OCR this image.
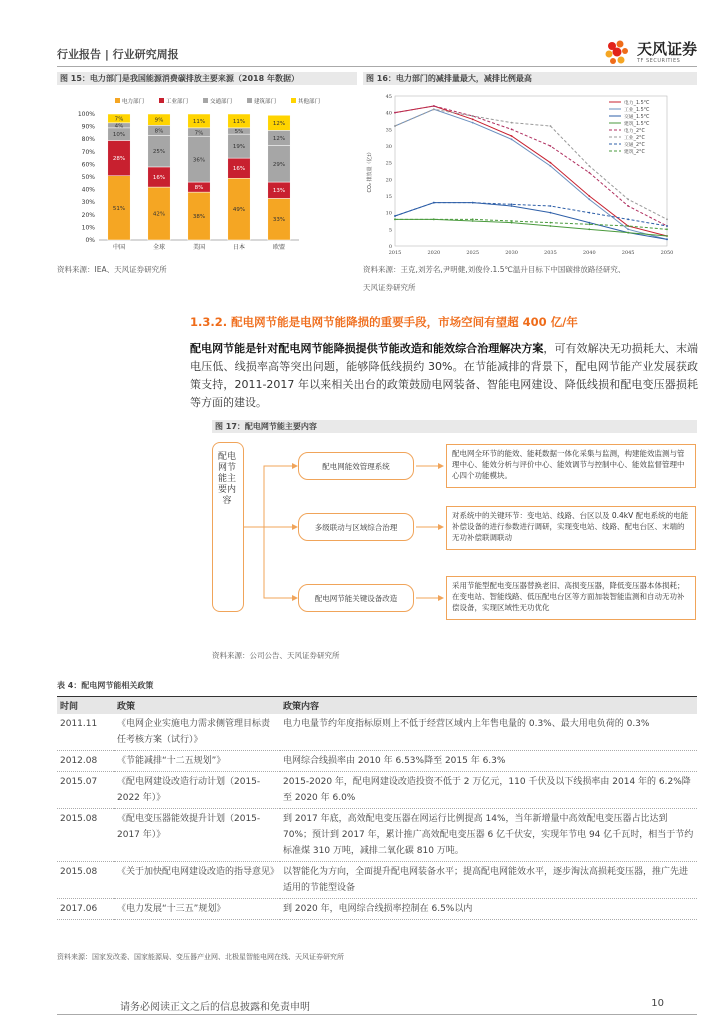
行业报告 | 行业研究周报	天风证券
TF SECURITIES
图 15：电力部门是我国能源消费碳排放主要来源（2018 年数据）
电力部门	工业部门	交通部门	建筑部门	其他部门
0%
10%
20%
30%
40%
50%
60%
70%
80%
90%
100%
51%
28%
10%
4%
7%
中国
42%
16%
25%
8%
9%
全球
38%
8%
36%
7%
11%
美国
49%
16%
19%
5%
11%
日本
33%
13%
29%
12%
12%
欧盟
资料来源：IEA、天风证券研究所
图 16：电力部门的减排量最大，减排比例最高
0
5
10
15
20
25
30
35
40
45
2015	2020	2025	2030	2035	2040	2045	2050
CO₂ 排放量（亿t）
电力_1.5°C
工业_1.5°C
交通_1.5°C
建筑_1.5°C
电力_2°C
工业_2°C
交通_2°C
建筑_2°C
资料来源：王克,刘芳名,尹明健,刘俊伶.1.5℃温升目标下中国碳排放路径研究、
天风证券研究所
1.3.2. 配电网节能是电网节能降损的重要手段，市场空间有望超 400 亿/年
配电网节能是针对配电网节能降损提供节能改造和能效综合治理解决方案，可有效解决无功损耗大、末端电压低、线损率高等突出问题，能够降低线损约 30%。在节能减排的背景下，配电网节能产业发展获政策支持，2011-2017 年以来相关出台的政策鼓励电网装备、智能电网建设、降低线损和配电变压器损耗等方面的建设。
图 17：配电网节能主要内容
配电网节能主要内容
配电网能效管理系统
多级联动与区域综合治理
配电网节能关键设备改造
配电网全环节的能效、能耗数据一体化采集与监测，构建能效监测与管理中心、能效分析与评价中心、能效调节与控制中心、能效监督管理中心四个功能模块。
对系统中的关键环节：变电站、线路、台区以及 0.4kV 配电系统的电能补偿设备的进行参数进行调研，实现变电站、线路、配电台区、末端的无功补偿联调联动
采用节能型配电变压器替换老旧、高损变压器，降低变压器本体损耗；在变电站、智能线路、低压配电台区等方面加装智能监测和自动无功补偿设备，实现区域性无功优化
资料来源：公司公告、天风证券研究所
表 4：配电网节能相关政策
时间	政策	政策内容
2011.11	《电网企业实施电力需求侧管理目标责任考核方案（试行）》	电力电量节约年度指标原则上不低于经营区域内上年售电量的 0.3%、最大用电负荷的 0.3%
2012.08	《节能减排“十二五规划”》	电网综合线损率由 2010 年 6.53%降至 2015 年 6.3%
2015.07	《配电网建设改造行动计划（2015-2022 年）》	2015-2020 年，配电网建设改造投资不低于 2 万亿元，110 千伏及以下线损率由 2014 年的 6.2%降至 2020 年 6.0%
2015.08	《配电变压器能效提升计划（2015-2017 年）》	到 2017 年底，高效配电变压器在网运行比例提高 14%，当年新增量中高效配电变压器占比达到 70%；预计到 2017 年，累计推广高效配电变压器 6 亿千伏安，实现年节电 94 亿千瓦时，相当于节约标准煤 310 万吨，减排二氧化碳 810 万吨。
2015.08	《关于加快配电网建设改造的指导意见》	以智能化为方向，全面提升配电网装备水平；提高配电网能效水平，逐步淘汰高损耗变压器，推广先进适用的节能型设备
2017.06	《电力发展“十三五”规划》	到 2020 年，电网综合线损率控制在 6.5%以内
资料来源：国家发改委、国家能源局、变压器产业网、北极星智能电网在线、天风证券研究所
请务必阅读正文之后的信息披露和免责申明	10
